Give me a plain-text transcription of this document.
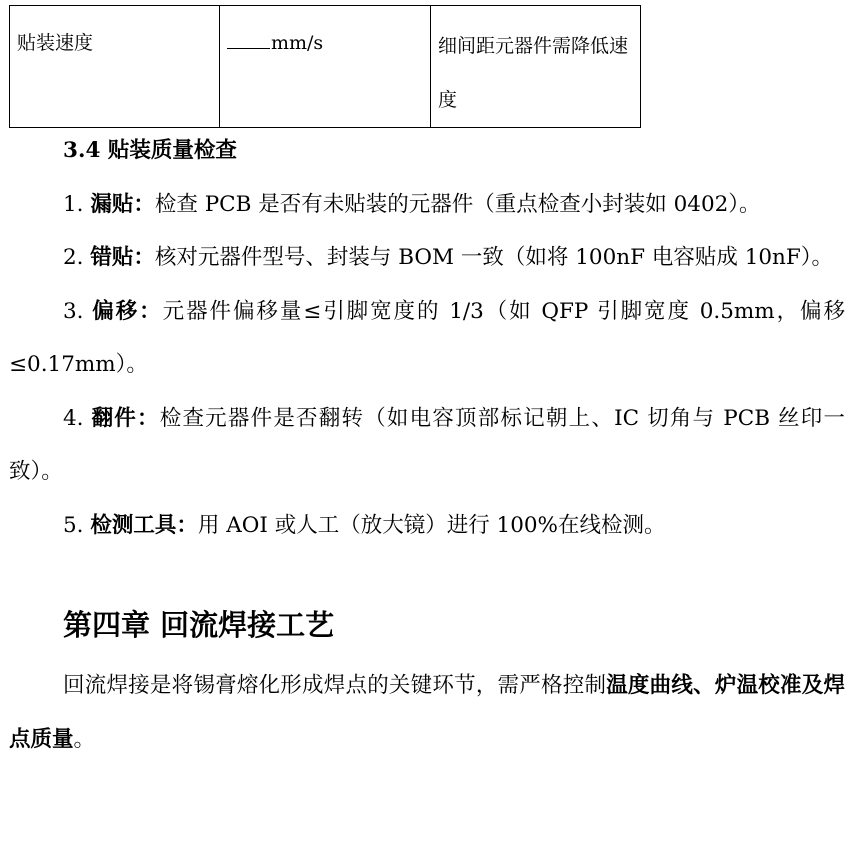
贴装速度	mm/s	细间距元器件需降低速度

3.4 贴装质量检查

1. 漏贴：检查 PCB 是否有未贴装的元器件（重点检查小封装如 0402）。

2. 错贴：核对元器件型号、封装与 BOM 一致（如将 100nF 电容贴成 10nF）。

3. 偏移：元器件偏移量≤引脚宽度的 1/3（如 QFP 引脚宽度 0.5mm，偏移≤0.17mm）。

4. 翻件：检查元器件是否翻转（如电容顶部标记朝上、IC 切角与 PCB 丝印一致）。

5. 检测工具：用 AOI 或人工（放大镜）进行 100%在线检测。

第四章 回流焊接工艺

回流焊接是将锡膏熔化形成焊点的关键环节，需严格控制温度曲线、炉温校准及焊点质量。
